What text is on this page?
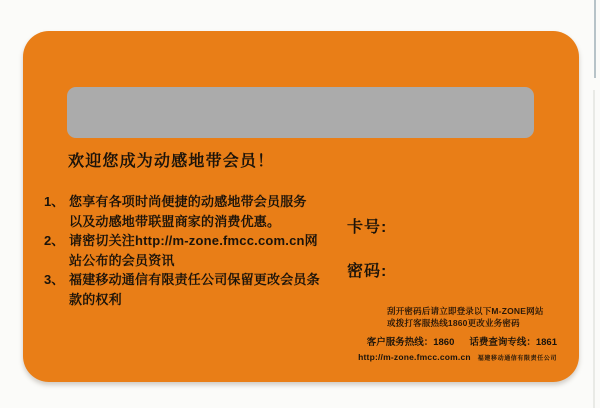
欢迎您成为动感地带会员！
1、 您享有各项时尚便捷的动感地带会员服务
以及动感地带联盟商家的消费优惠。
2、 请密切关注http://m-zone.fmcc.com.cn网
站公布的会员资讯
3、 福建移动通信有限责任公司保留更改会员条
款的权利
卡号:
密码:
刮开密码后请立即登录以下M-ZONE网站
或拨打客服热线1860更改业务密码
客户服务热线：1860 话费查询专线：1861
http://m-zone.fmcc.com.cn 福建移动通信有限责任公司
